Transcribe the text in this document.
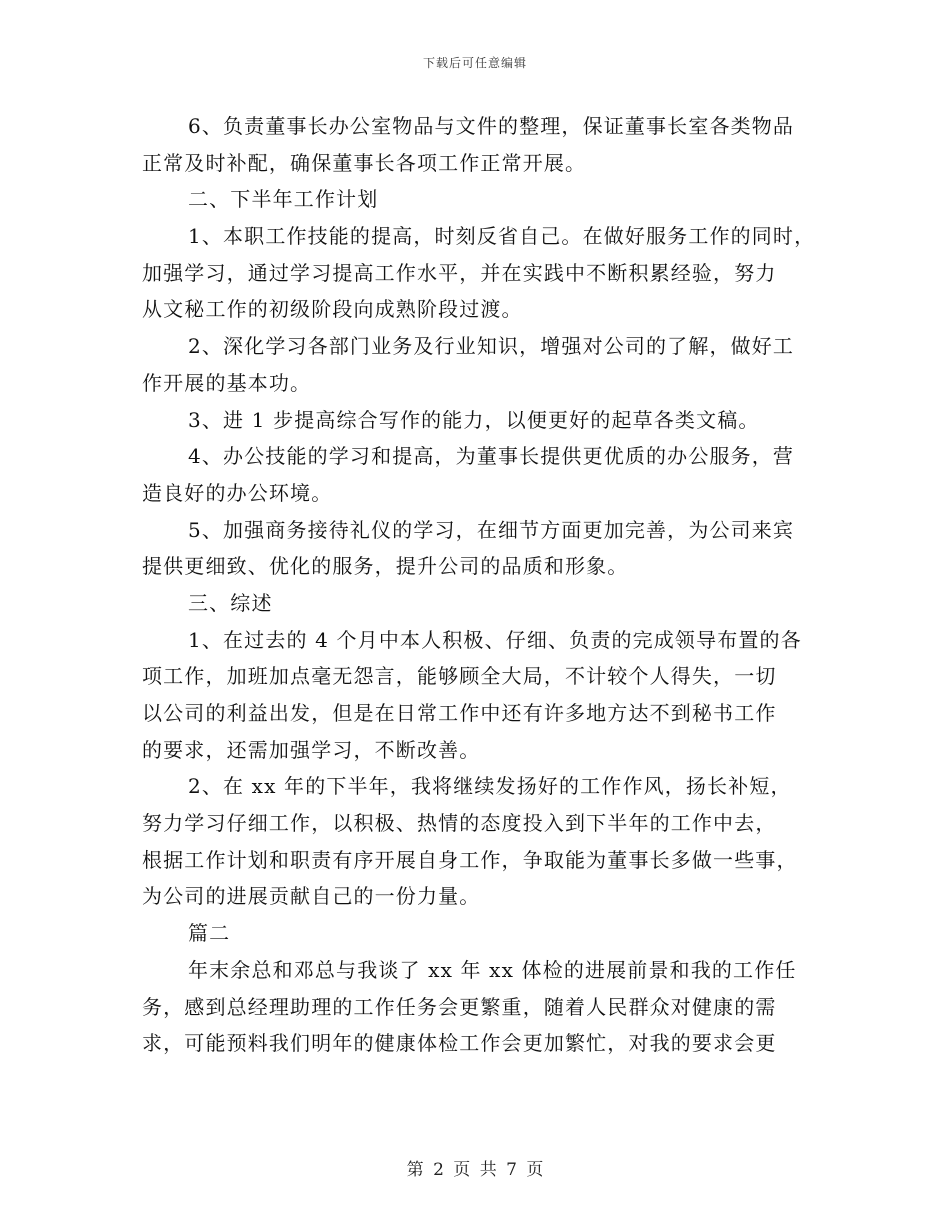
下载后可任意编辑
6、负责董事长办公室物品与文件的整理，保证董事长室各类物品
正常及时补配，确保董事长各项工作正常开展。
二、下半年工作计划
1、本职工作技能的提高，时刻反省自己。在做好服务工作的同时，
加强学习，通过学习提高工作水平，并在实践中不断积累经验，努力
从文秘工作的初级阶段向成熟阶段过渡。
2、深化学习各部门业务及行业知识，增强对公司的了解，做好工
作开展的基本功。
3、进 1 步提高综合写作的能力，以便更好的起草各类文稿。
4、办公技能的学习和提高，为董事长提供更优质的办公服务，营
造良好的办公环境。
5、加强商务接待礼仪的学习，在细节方面更加完善，为公司来宾
提供更细致、优化的服务，提升公司的品质和形象。
三、综述
1、在过去的 4 个月中本人积极、仔细、负责的完成领导布置的各
项工作，加班加点毫无怨言，能够顾全大局，不计较个人得失，一切
以公司的利益出发，但是在日常工作中还有许多地方达不到秘书工作
的要求，还需加强学习，不断改善。
2、在 xx 年的下半年，我将继续发扬好的工作作风，扬长补短，
努力学习仔细工作，以积极、热情的态度投入到下半年的工作中去，
根据工作计划和职责有序开展自身工作，争取能为董事长多做一些事，
为公司的进展贡献自己的一份力量。
篇二
年末余总和邓总与我谈了 xx 年 xx 体检的进展前景和我的工作任
务，感到总经理助理的工作任务会更繁重，随着人民群众对健康的需
求，可能预料我们明年的健康体检工作会更加繁忙，对我的要求会更
第 2 页 共 7 页
